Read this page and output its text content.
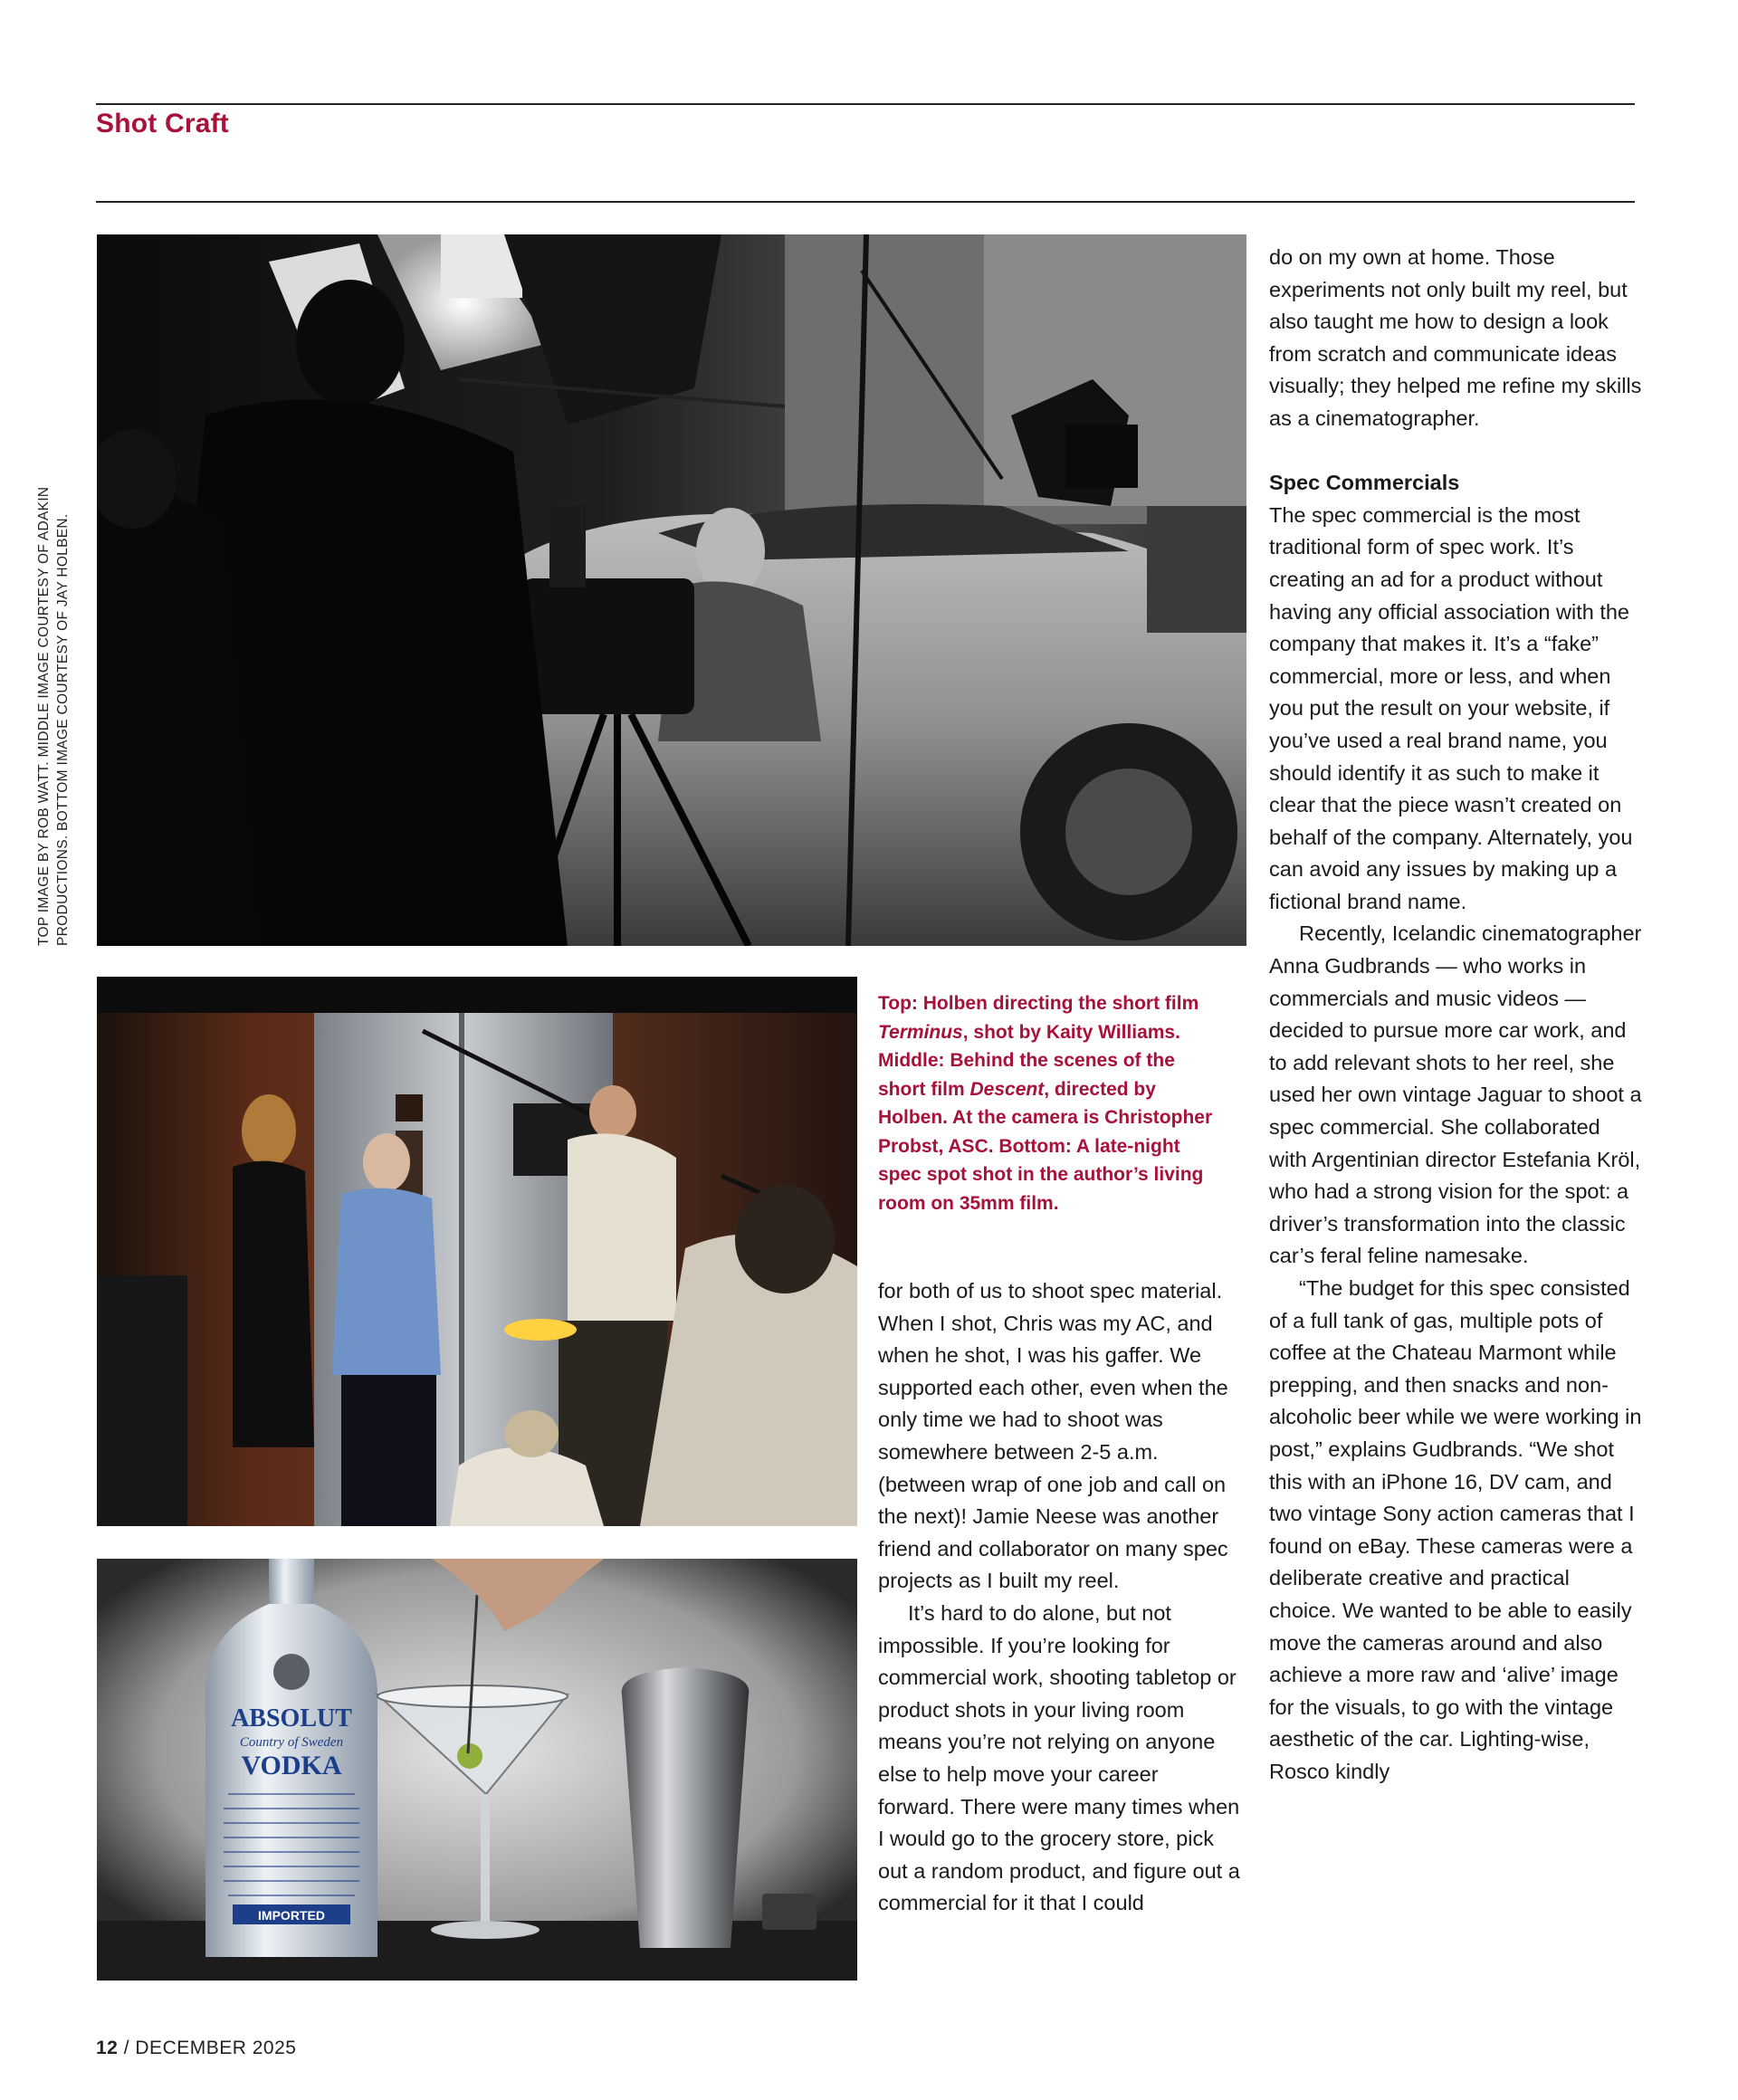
Shot Craft
TOP IMAGE BY ROB WATT. MIDDLE IMAGE COURTESY OF ADAKIN PRODUCTIONS. BOTTOM IMAGE COURTESY OF JAY HOLBEN.
ABSOLUT
Country of Sweden
VODKA
IMPORTED
Top: Holben directing the short film Terminus, shot by Kaity Williams. Middle: Behind the scenes of the short film Descent, directed by Holben. At the camera is Christopher Probst, ASC. Bottom: A late-night spec spot shot in the author’s living room on 35mm film.

for both of us to shoot spec material. When I shot, Chris was my AC, and when he shot, I was his gaffer. We supported each other, even when the only time we had to shoot was somewhere between 2-5 a.m. (between wrap of one job and call on the next)! Jamie Neese was another friend and collaborator on many spec projects as I built my reel.

It’s hard to do alone, but not impossible. If you’re looking for commercial work, shooting tabletop or product shots in your living room means you’re not relying on anyone else to help move your career forward. There were many times when I would go to the grocery store, pick out a random product, and figure out a commercial for it that I could

do on my own at home. Those experiments not only built my reel, but also taught me how to design a look from scratch and communicate ideas visually; they helped me refine my skills as a cinematographer.

Spec Commercials

The spec commercial is the most traditional form of spec work. It’s creating an ad for a product without having any official association with the company that makes it. It’s a “fake” commercial, more or less, and when you put the result on your website, if you’ve used a real brand name, you should identify it as such to make it clear that the piece wasn’t created on behalf of the company. Alternately, you can avoid any issues by making up a fictional brand name.

Recently, Icelandic cinematographer Anna Gudbrands — who works in commercials and music videos — decided to pursue more car work, and to add relevant shots to her reel, she used her own vintage Jaguar to shoot a spec commercial. She collaborated with Argentinian director Estefania Kröl, who had a strong vision for the spot: a driver’s transformation into the classic car’s feral feline namesake.

“The budget for this spec consisted of a full tank of gas, multiple pots of coffee at the Chateau Marmont while prepping, and then snacks and non-alcoholic beer while we were working in post,” explains Gudbrands. “We shot this with an iPhone 16, DV cam, and two vintage Sony action cameras that I found on eBay. These cameras were a deliberate creative and practical choice. We wanted to be able to easily move the cameras around and also achieve a more raw and ‘alive’ image for the visuals, to go with the vintage aesthetic of the car. Lighting-wise, Rosco kindly

12 / DECEMBER 2025
